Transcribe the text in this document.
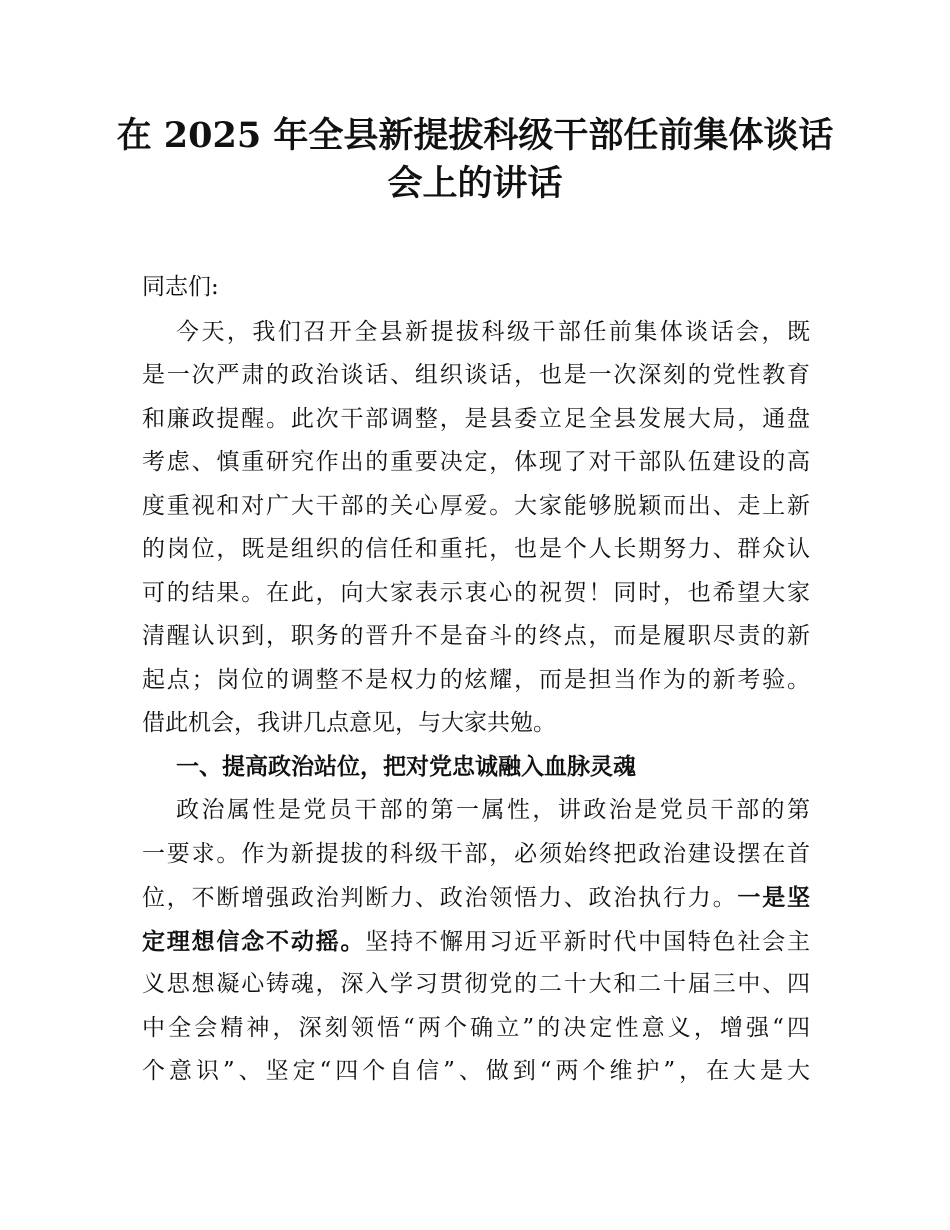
在 2025 年全县新提拔科级干部任前集体谈话
会上的讲话
同志们:
今天，我们召开全县新提拔科级干部任前集体谈话会，既
是一次严肃的政治谈话、组织谈话，也是一次深刻的党性教育
和廉政提醒。此次干部调整，是县委立足全县发展大局，通盘
考虑、慎重研究作出的重要决定，体现了对干部队伍建设的高
度重视和对广大干部的关心厚爱。大家能够脱颖而出、走上新
的岗位，既是组织的信任和重托，也是个人长期努力、群众认
可的结果。在此，向大家表示衷心的祝贺！同时，也希望大家
清醒认识到，职务的晋升不是奋斗的终点，而是履职尽责的新
起点；岗位的调整不是权力的炫耀，而是担当作为的新考验。
借此机会，我讲几点意见，与大家共勉。
一、提高政治站位，把对党忠诚融入血脉灵魂
政治属性是党员干部的第一属性，讲政治是党员干部的第
一要求。作为新提拔的科级干部，必须始终把政治建设摆在首
位，不断增强政治判断力、政治领悟力、政治执行力。一是坚
定理想信念不动摇。坚持不懈用习近平新时代中国特色社会主
义思想凝心铸魂，深入学习贯彻党的二十大和二十届三中、四
中全会精神，深刻领悟“两个确立”的决定性意义，增强“四
个意识”、坚定“四个自信”、做到“两个维护”，在大是大
